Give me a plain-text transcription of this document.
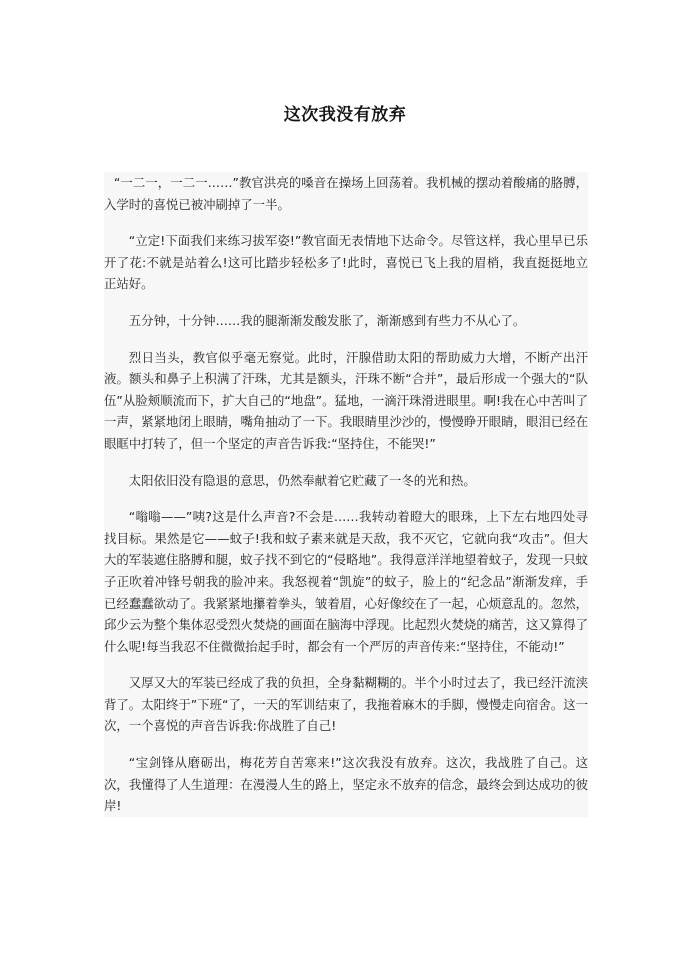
这次我没有放弃

“一二一，一二一……”教官洪亮的嗓音在操场上回荡着。我机械的摆动着酸痛的胳膊，入学时的喜悦已被冲刷掉了一半。

“立定!下面我们来练习拔军姿!”教官面无表情地下达命令。尽管这样，我心里早已乐开了花:不就是站着么!这可比踏步轻松多了!此时，喜悦已飞上我的眉梢，我直挺挺地立正站好。

五分钟，十分钟……我的腿渐渐发酸发胀了，渐渐感到有些力不从心了。

烈日当头，教官似乎毫无察觉。此时，汗腺借助太阳的帮助威力大增，不断产出汗液。额头和鼻子上积满了汗珠，尤其是额头，汗珠不断“合并”，最后形成一个强大的“队伍”从脸颊顺流而下，扩大自己的“地盘”。猛地，一滴汗珠滑进眼里。啊!我在心中苦叫了一声，紧紧地闭上眼睛，嘴角抽动了一下。我眼睛里沙沙的，慢慢睁开眼睛，眼泪已经在眼眶中打转了，但一个坚定的声音告诉我:“坚持住，不能哭!”

太阳依旧没有隐退的意思，仍然奉献着它贮藏了一冬的光和热。

“嗡嗡——”咦?这是什么声音?不会是……我转动着瞪大的眼珠，上下左右地四处寻找目标。果然是它——蚊子!我和蚊子素来就是天敌，我不灭它，它就向我“攻击”。但大大的军装遮住胳膊和腿，蚊子找不到它的“侵略地”。我得意洋洋地望着蚊子，发现一只蚊子正吹着冲锋号朝我的脸冲来。我怒视着“凯旋”的蚊子，脸上的“纪念品”渐渐发痒，手已经蠢蠢欲动了。我紧紧地攥着拳头，皱着眉，心好像绞在了一起，心烦意乱的。忽然，邱少云为整个集体忍受烈火焚烧的画面在脑海中浮现。比起烈火焚烧的痛苦，这又算得了什么呢!每当我忍不住微微抬起手时，都会有一个严厉的声音传来:“坚持住，不能动!”

又厚又大的军装已经成了我的负担，全身黏糊糊的。半个小时过去了，我已经汗流浃背了。太阳终于”下班“了，一天的军训结束了，我拖着麻木的手脚，慢慢走向宿舍。这一次，一个喜悦的声音告诉我:你战胜了自己!

“宝剑锋从磨砺出，梅花芳自苦寒来!”这次我没有放弃。这次，我战胜了自己。这次，我懂得了人生道理：在漫漫人生的路上，坚定永不放弃的信念，最终会到达成功的彼岸!
